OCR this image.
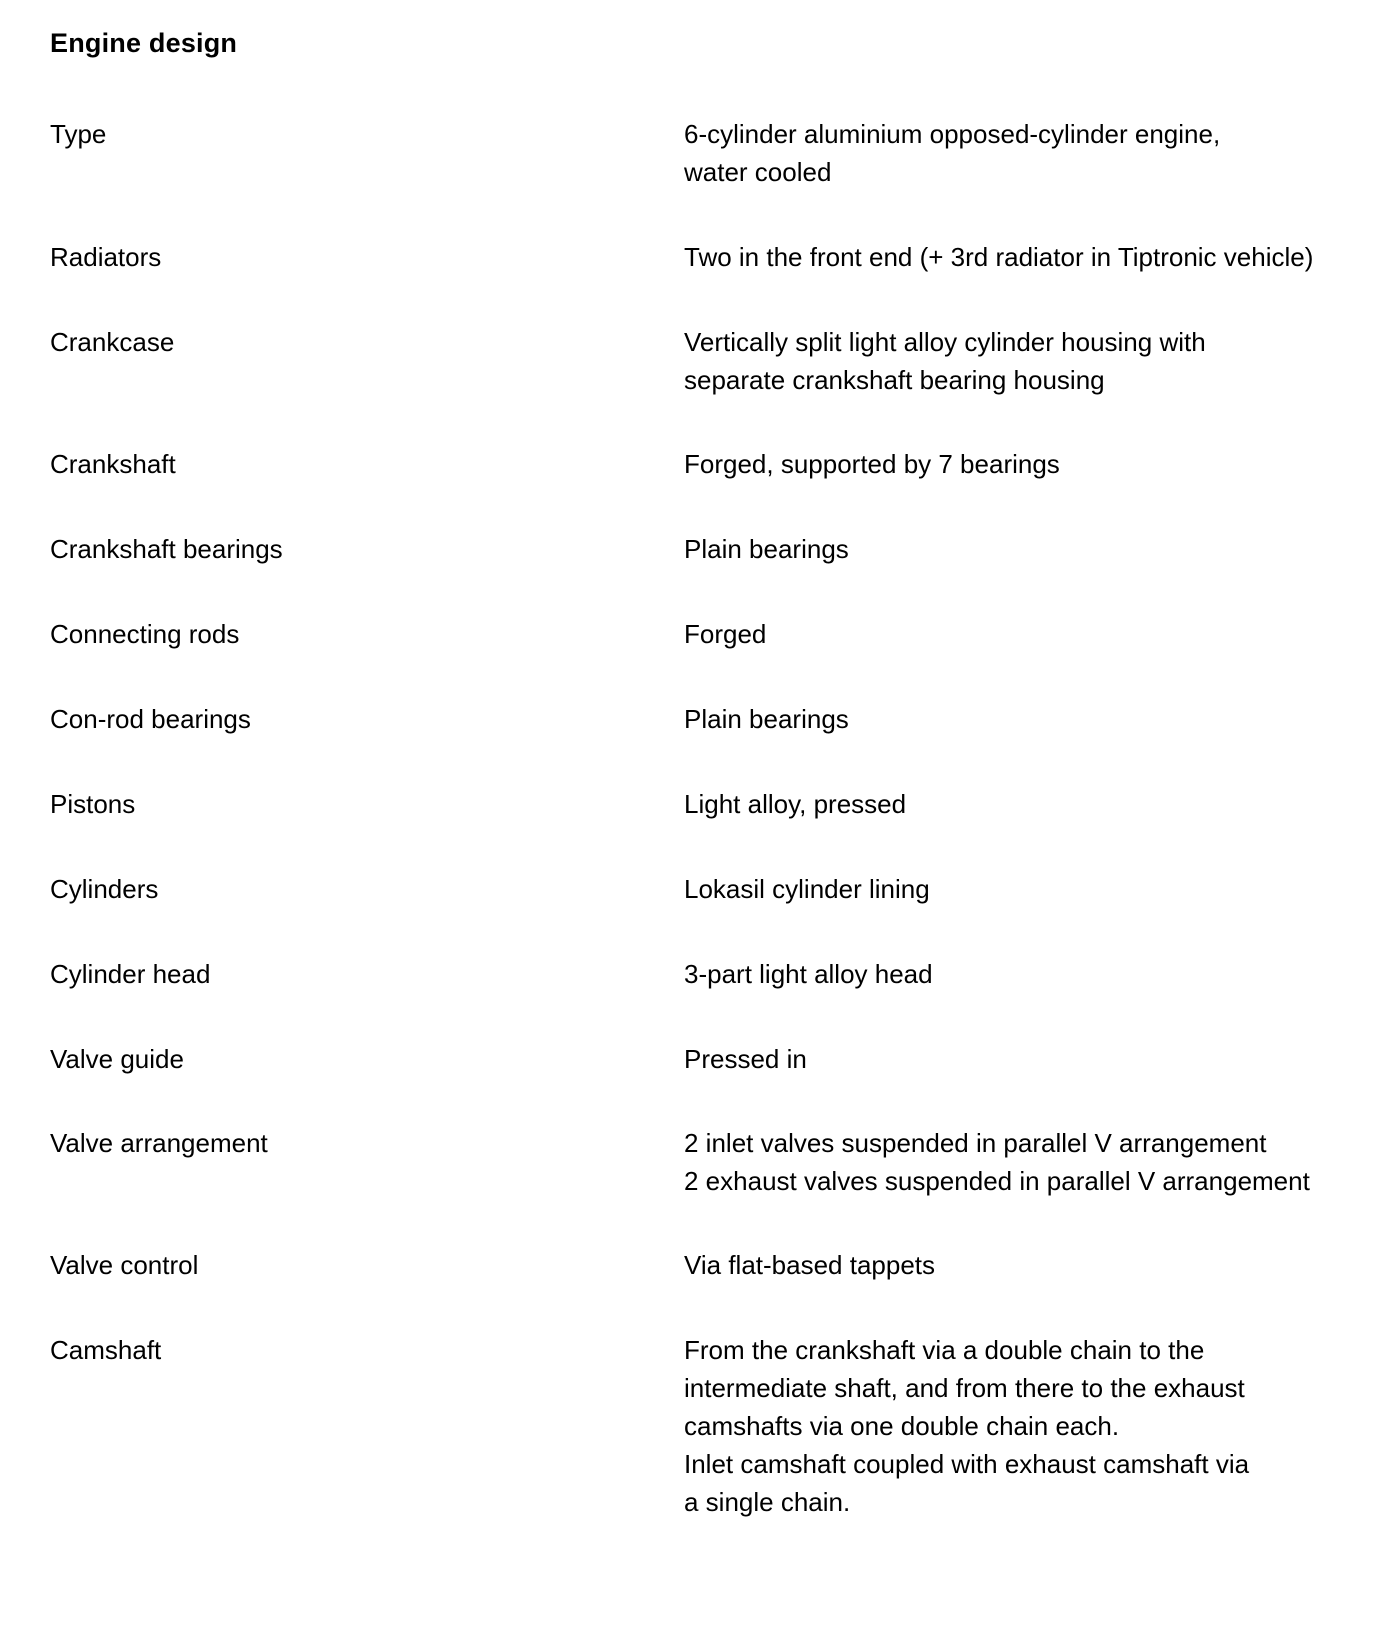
Engine design
Type	6-cylinder aluminium opposed-cylinder engine,
water cooled
Radiators	Two in the front end (+ 3rd radiator in Tiptronic vehicle)
Crankcase	Vertically split light alloy cylinder housing with
separate crankshaft bearing housing
Crankshaft	Forged, supported by 7 bearings
Crankshaft bearings	Plain bearings
Connecting rods	Forged
Con-rod bearings	Plain bearings
Pistons	Light alloy, pressed
Cylinders	Lokasil cylinder lining
Cylinder head	3-part light alloy head
Valve guide	Pressed in
Valve arrangement	2 inlet valves suspended in parallel V arrangement
2 exhaust valves suspended in parallel V arrangement
Valve control	Via flat-based tappets
Camshaft	From the crankshaft via a double chain to the
intermediate shaft, and from there to the exhaust
camshafts via one double chain each.
Inlet camshaft coupled with exhaust camshaft via
a single chain.
